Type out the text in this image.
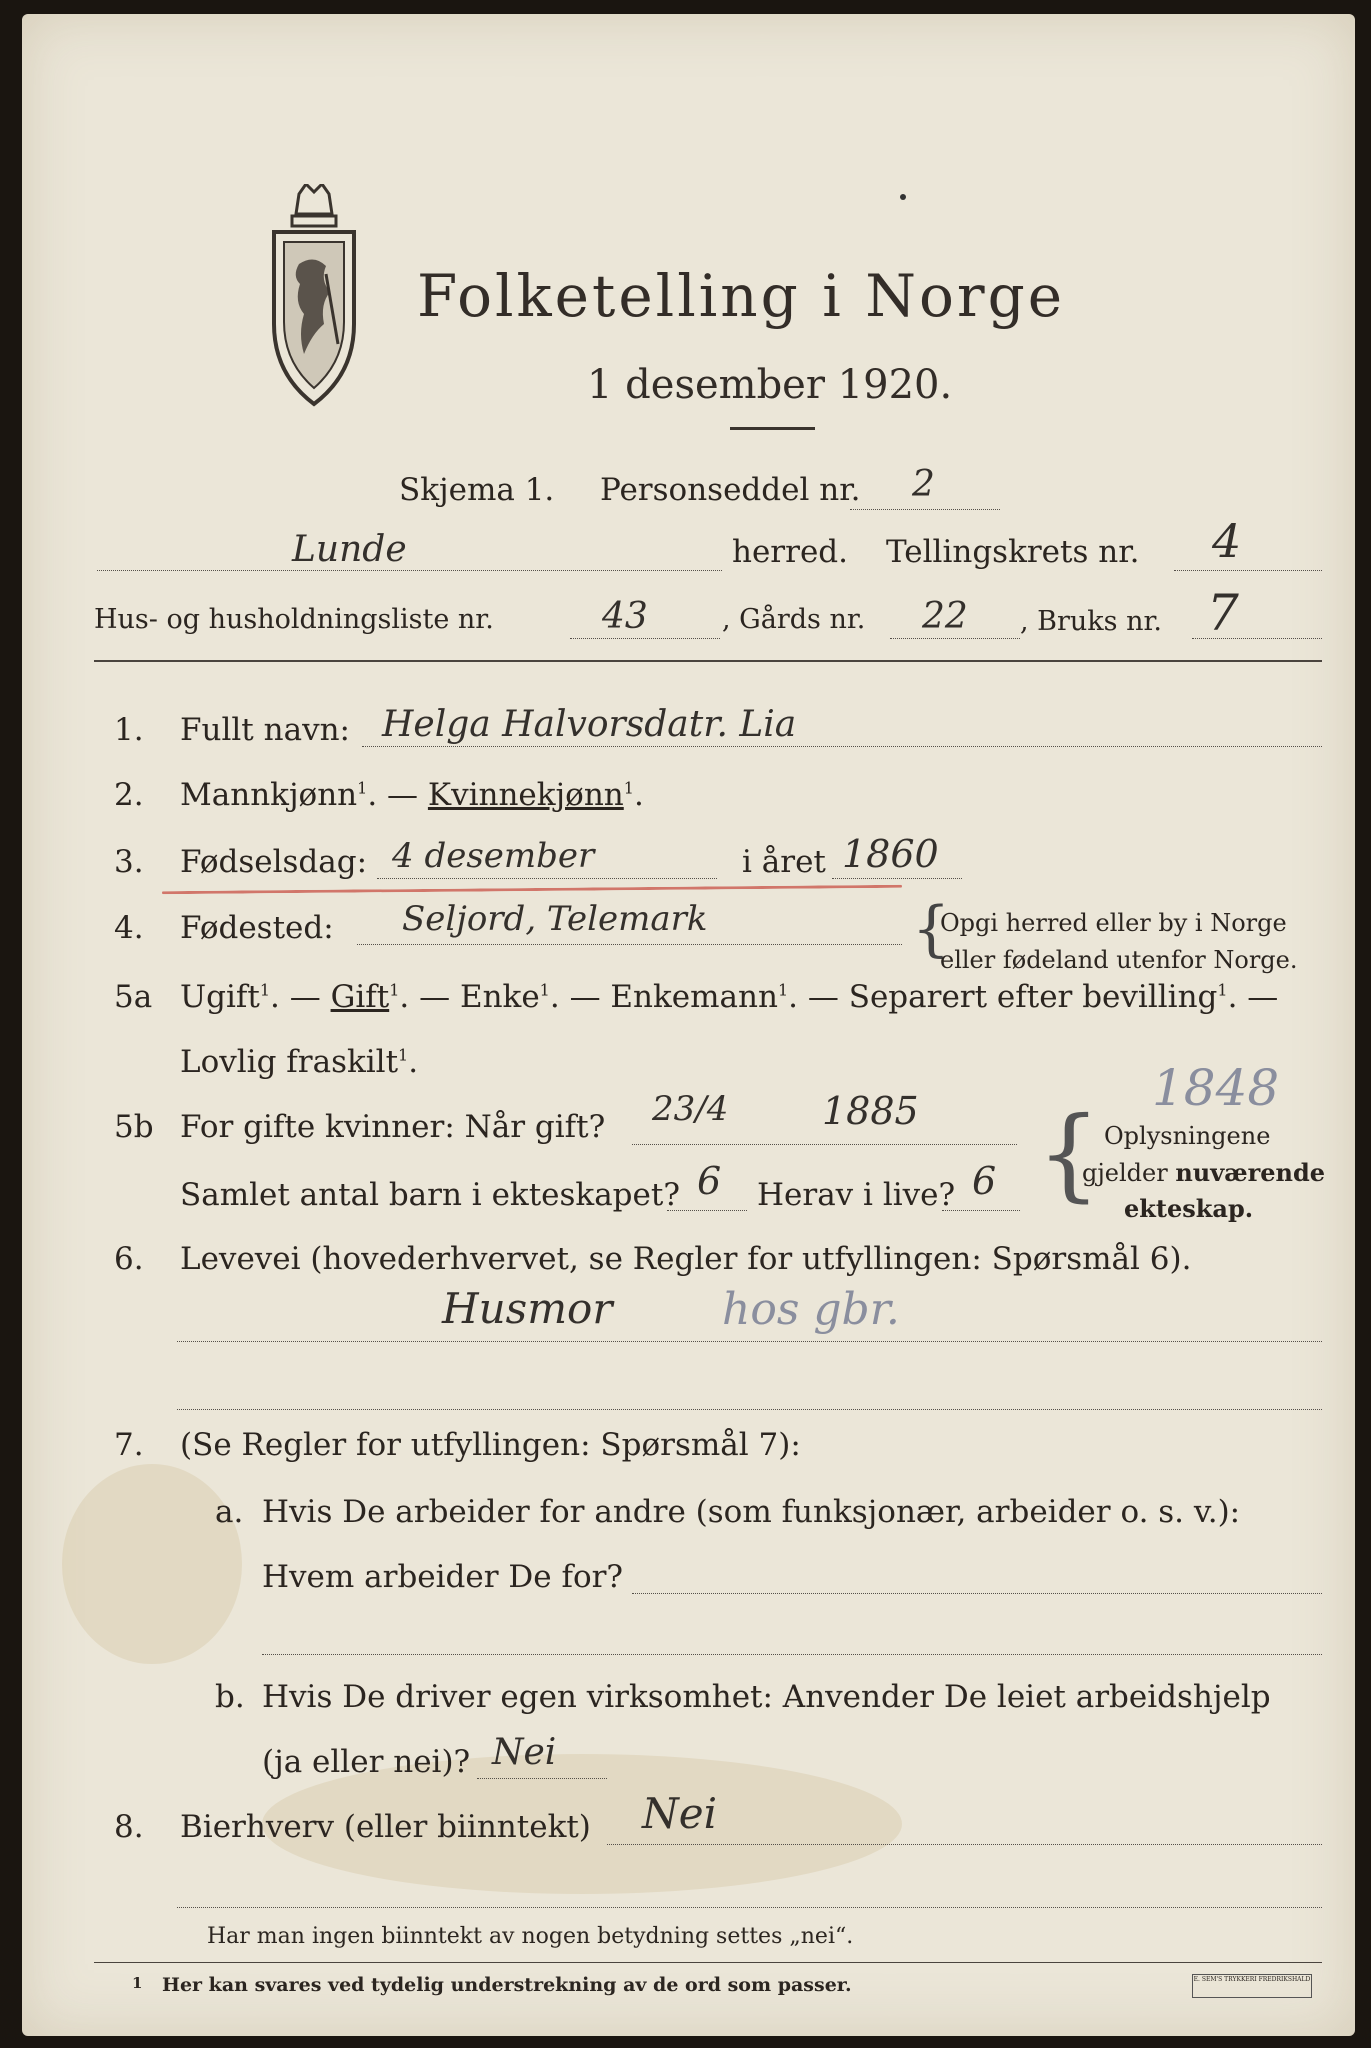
Folketelling i Norge
1 desember 1920.
Skjema 1. Personseddel nr. 2
Lunde	herred. Tellingskrets nr. 4
Hus- og husholdningsliste nr.	43	, Gårds nr. 22 , Bruks nr. 7
1. Fullt navn: Helga Halvorsdatr. Lia
2. Mannkjønn$^1$. — Kvinnekjønn$^1$.
3. Fødselsdag: 4 desember	i året 1860
4. Fødested: Seljord, Telemark	{
Opgi herred eller by i Norge
eller fødeland utenfor Norge.
5a Ugift$^1$. — Gift$^1$. — Enke$^1$. — Enkemann$^1$. — Separert efter bevilling$^1$. —
Lovlig fraskilt$^1$.	1848
5b For gifte kvinner: Når gift? 23/4 1885
Samlet antal barn i ekteskapet? 6 Herav i live? 6 { Oplysningene
gjelder nuværende
ekteskap.
6. Levevei (hovederhvervet, se Regler for utfyllingen: Spørsmål 6).
Husmor hos gbr.
7. (Se Regler for utfyllingen: Spørsmål 7):
a. Hvis De arbeider for andre (som funksjonær, arbeider o. s. v.):
Hvem arbeider De for?
b. Hvis De driver egen virksomhet: Anvender De leiet arbeidshjelp
(ja eller nei)? Nei
8. Bierhverv (eller biinntekt) Nei
Har man ingen biinntekt av nogen betydning settes „nei“.
1 Her kan svares ved tydelig understrekning av de ord som passer.	E. SEM'S TRYKKERI FREDRIKSHALD
